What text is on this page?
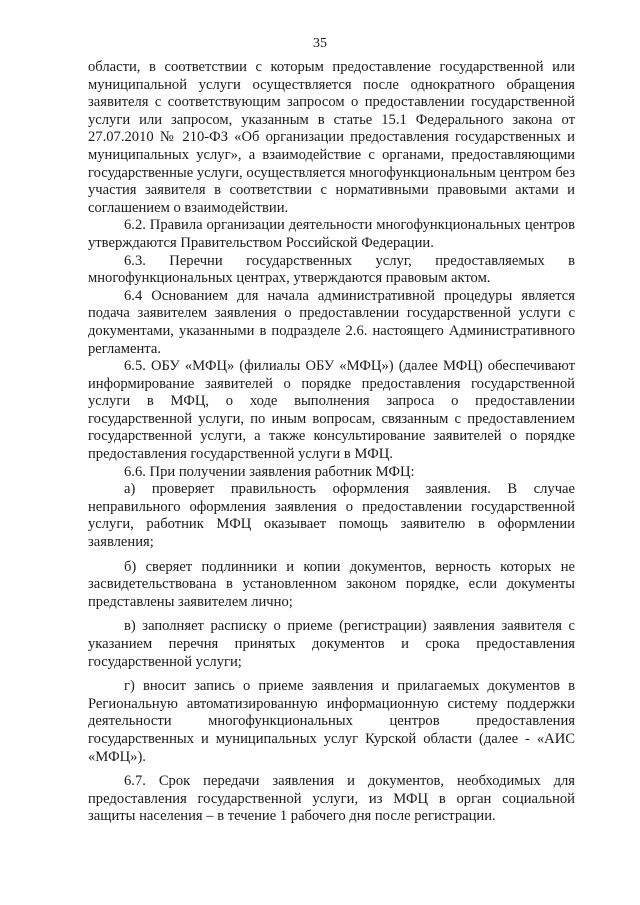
35

области, в соответствии с которым предоставление государственной или муниципальной услуги осуществляется после однократного обращения заявителя с соответствующим запросом о предоставлении государственной услуги или запросом, указанным в статье 15.1 Федерального закона от 27.07.2010 № 210-ФЗ «Об организации предоставления государственных и муниципальных услуг», а взаимодействие с органами, предоставляющими государственные услуги, осуществляется многофункциональным центром без участия заявителя в соответствии с нормативными правовыми актами и соглашением о взаимодействии.

6.2. Правила организации деятельности многофункциональных центров утверждаются Правительством Российской Федерации.

6.3. Перечни государственных услуг, предоставляемых в многофункциональных центрах, утверждаются правовым актом.

6.4 Основанием для начала административной процедуры является подача заявителем заявления о предоставлении государственной услуги с документами, указанными в подразделе 2.6. настоящего Административного регламента.

6.5. ОБУ «МФЦ» (филиалы ОБУ «МФЦ») (далее МФЦ) обеспечивают информирование заявителей о порядке предоставления государственной услуги в МФЦ, о ходе выполнения запроса о предоставлении государственной услуги, по иным вопросам, связанным с предоставлением государственной услуги, а также консультирование заявителей о порядке предоставления государственной услуги в МФЦ.

6.6. При получении заявления работник МФЦ:

а) проверяет правильность оформления заявления. В случае неправильного оформления заявления о предоставлении государственной услуги, работник МФЦ оказывает помощь заявителю в оформлении заявления;

б) сверяет подлинники и копии документов, верность которых не засвидетельствована в установленном законом порядке, если документы представлены заявителем лично;

в) заполняет расписку о приеме (регистрации) заявления заявителя с указанием перечня принятых документов и срока предоставления государственной услуги;

г) вносит запись о приеме заявления и прилагаемых документов в Региональную автоматизированную информационную систему поддержки деятельности многофункциональных центров предоставления государственных и муниципальных услуг Курской области (далее - «АИС «МФЦ»).

6.7. Срок передачи заявления и документов, необходимых для предоставления государственной услуги, из МФЦ в орган социальной защиты населения – в течение 1 рабочего дня после регистрации.
